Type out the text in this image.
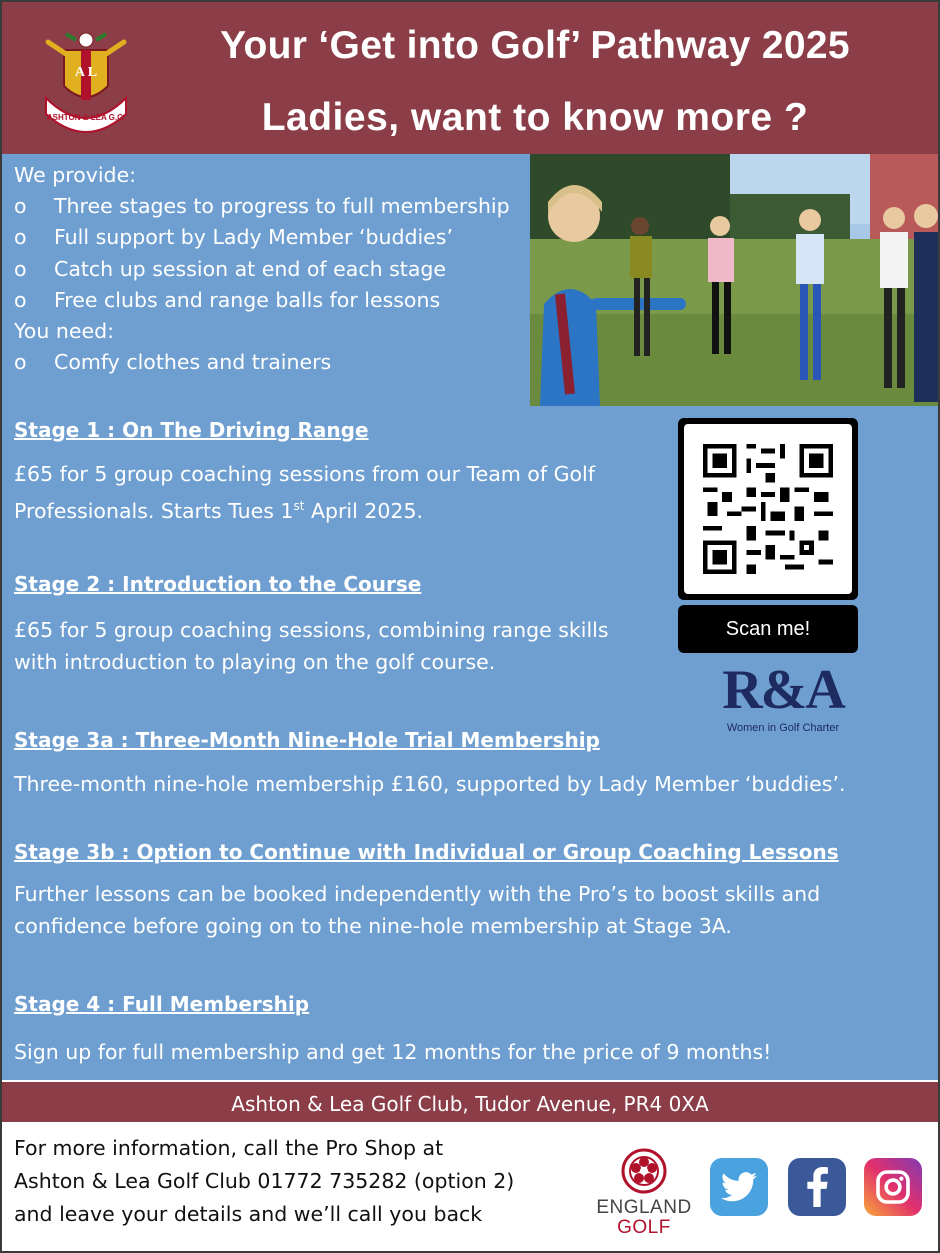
ASHTON & LEA G.C.
A L
Your ‘Get into Golf’ Pathway 2025
Ladies, want to know more ?
We provide:
o Three stages to progress to full membership
o Full support by Lady Member ‘buddies’
o Catch up session at end of each stage
o Free clubs and range balls for lessons
You need:
o Comfy clothes and trainers
Stage 1 : On The Driving Range
£65 for 5 group coaching sessions from our Team of Golf Professionals. Starts Tues 1st April 2025.
Stage 2 : Introduction to the Course
£65 for 5 group coaching sessions, combining range skills with introduction to playing on the golf course.
Scan me!
R&A
Women in Golf Charter
Stage 3a : Three-Month Nine-Hole Trial Membership
Three-month nine-hole membership £160, supported by Lady Member ‘buddies’.
Stage 3b : Option to Continue with Individual or Group Coaching Lessons
Further lessons can be booked independently with the Pro’s to boost skills and confidence before going on to the nine-hole membership at Stage 3A.
Stage 4 : Full Membership
Sign up for full membership and get 12 months for the price of 9 months!
Ashton & Lea Golf Club, Tudor Avenue, PR4 0XA
For more information, call the Pro Shop at
Ashton & Lea Golf Club 01772 735282 (option 2)
and leave your details and we’ll call you back	ENGLAND
GOLF
